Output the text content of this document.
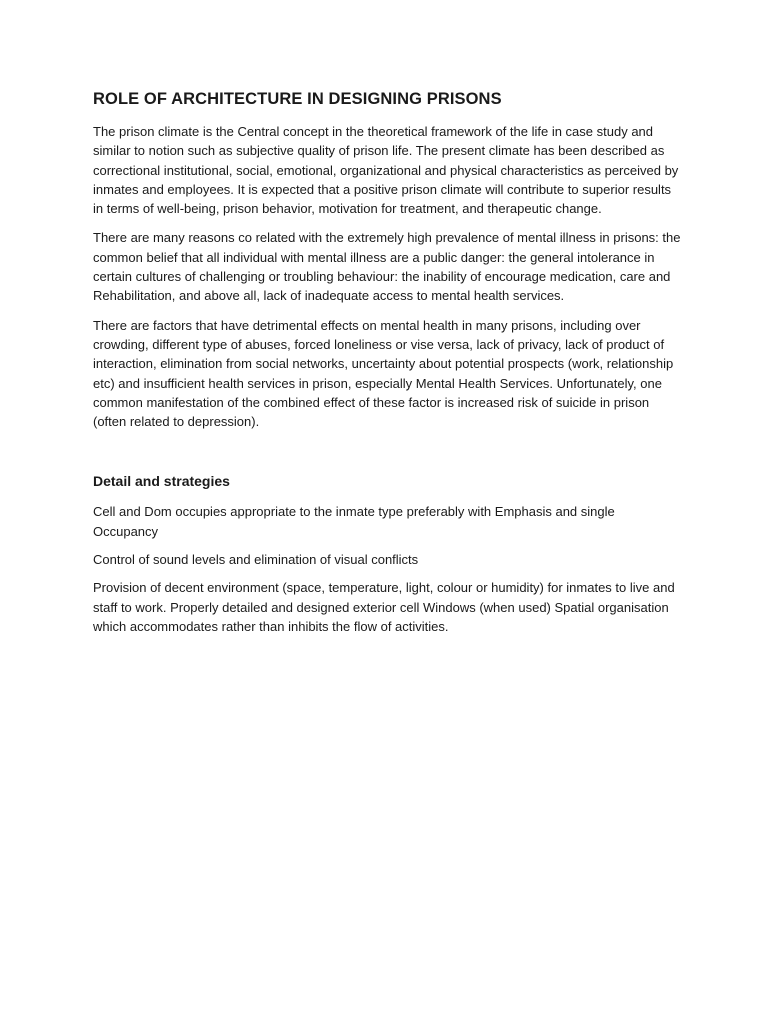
ROLE OF ARCHITECTURE IN DESIGNING PRISONS

The prison climate is the Central concept in the theoretical framework of the life in case study and similar to notion such as subjective quality of prison life. The present climate has been described as correctional institutional, social, emotional, organizational and physical characteristics as perceived by inmates and employees. It is expected that a positive prison climate will contribute to superior results in terms of well-being, prison behavior, motivation for treatment, and therapeutic change.

There are many reasons co related with the extremely high prevalence of mental illness in prisons: the common belief that all individual with mental illness are a public danger: the general intolerance in certain cultures of challenging or troubling behaviour: the inability of encourage medication, care and Rehabilitation, and above all, lack of inadequate access to mental health services.

There are factors that have detrimental effects on mental health in many prisons, including over crowding, different type of abuses, forced loneliness or vise versa, lack of privacy, lack of product of interaction, elimination from social networks, uncertainty about potential prospects (work, relationship etc) and insufficient health services in prison, especially Mental Health Services. Unfortunately, one common manifestation of the combined effect of these factor is increased risk of suicide in prison (often related to depression).

Detail and strategies

Cell and Dom occupies appropriate to the inmate type preferably with Emphasis and single Occupancy

Control of sound levels and elimination of visual conflicts

Provision of decent environment (space, temperature, light, colour or humidity) for inmates to live and staff to work. Properly detailed and designed exterior cell Windows (when used) Spatial organisation which accommodates rather than inhibits the flow of activities.
